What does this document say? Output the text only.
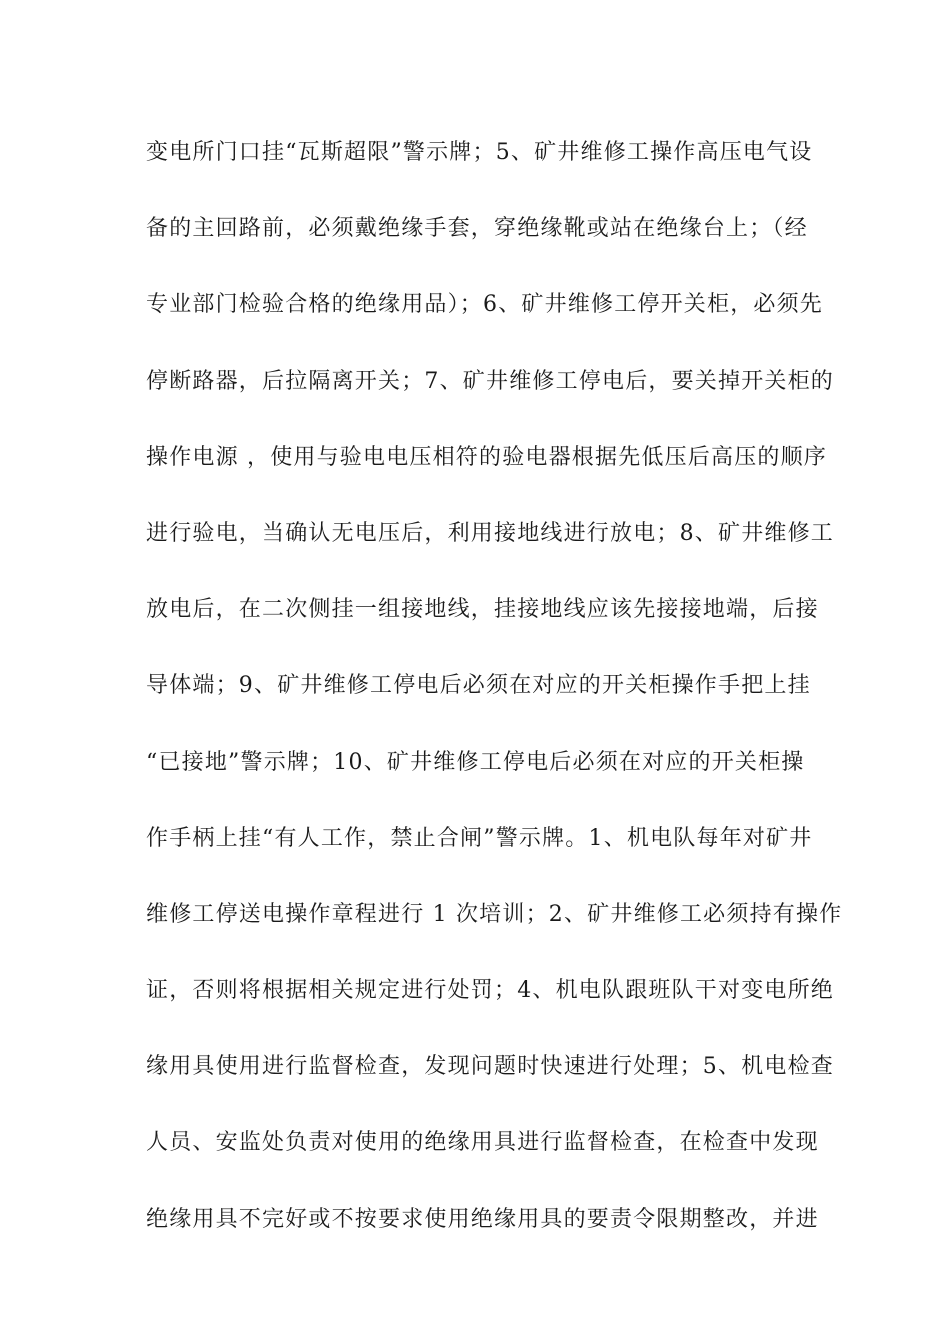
变电所门口挂“瓦斯超限”警示牌；5、矿井维修工操作高压电气设
备的主回路前，必须戴绝缘手套，穿绝缘靴或站在绝缘台上；（经
专业部门检验合格的绝缘用品）；6、矿井维修工停开关柜，必须先
停断路器，后拉隔离开关；7、矿井维修工停电后，要关掉开关柜的
操作电源 ，使用与验电电压相符的验电器根据先低压后高压的顺序
进行验电，当确认无电压后，利用接地线进行放电；8、矿井维修工
放电后，在二次侧挂一组接地线，挂接地线应该先接接地端，后接
导体端；9、矿井维修工停电后必须在对应的开关柜操作手把上挂
“已接地”警示牌；10、矿井维修工停电后必须在对应的开关柜操
作手柄上挂“有人工作，禁止合闸”警示牌。1、机电队每年对矿井
维修工停送电操作章程进行 1 次培训；2、矿井维修工必须持有操作
证，否则将根据相关规定进行处罚；4、机电队跟班队干对变电所绝
缘用具使用进行监督检查，发现问题时快速进行处理；5、机电检查
人员、安监处负责对使用的绝缘用具进行监督检查，在检查中发现
绝缘用具不完好或不按要求使用绝缘用具的要责令限期整改，并进
